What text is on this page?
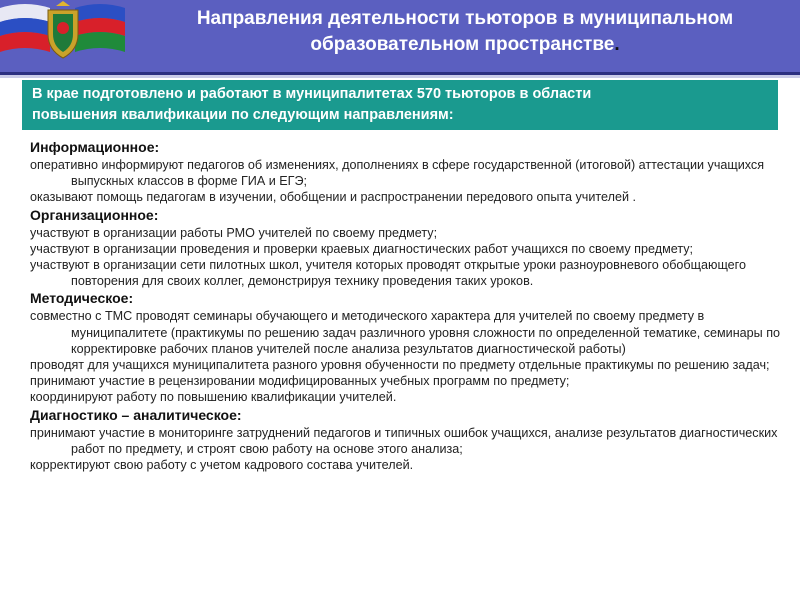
Направления деятельности тьюторов в муниципальном
образовательном пространстве.
В крае подготовлено и работают в муниципалитетах 570 тьюторов в области
повышения квалификации по следующим направлениям:
Информационное:
оперативно информируют педагогов об изменениях, дополнениях в сфере государственной (итоговой) аттестации учащихся выпускных классов в форме ГИА и ЕГЭ;
оказывают помощь педагогам в изучении, обобщении и распространении передового опыта учителей .
Организационное:
участвуют в организации работы РМО учителей по своему предмету;
участвуют в организации проведения и проверки краевых диагностических работ учащихся по своему предмету;
участвуют в организации сети пилотных школ, учителя которых проводят открытые уроки разноуровневого обобщающего повторения для своих коллег, демонстрируя технику проведения таких уроков.
Методическое:
совместно с ТМС проводят семинары обучающего и методического характера для учителей по своему предмету в муниципалитете (практикумы по решению задач различного уровня сложности по определенной тематике, семинары по корректировке рабочих планов учителей после анализа результатов диагностической работы)
проводят для учащихся муниципалитета разного уровня обученности по предмету отдельные практикумы по решению задач;
принимают участие в рецензировании модифицированных учебных программ по предмету;
координируют работу по повышению квалификации учителей.
Диагностико – аналитическое:
принимают участие в мониторинге затруднений педагогов и типичных ошибок учащихся, анализе результатов диагностических работ по предмету, и строят свою работу на основе этого анализа;
корректируют свою работу с учетом кадрового состава учителей.
